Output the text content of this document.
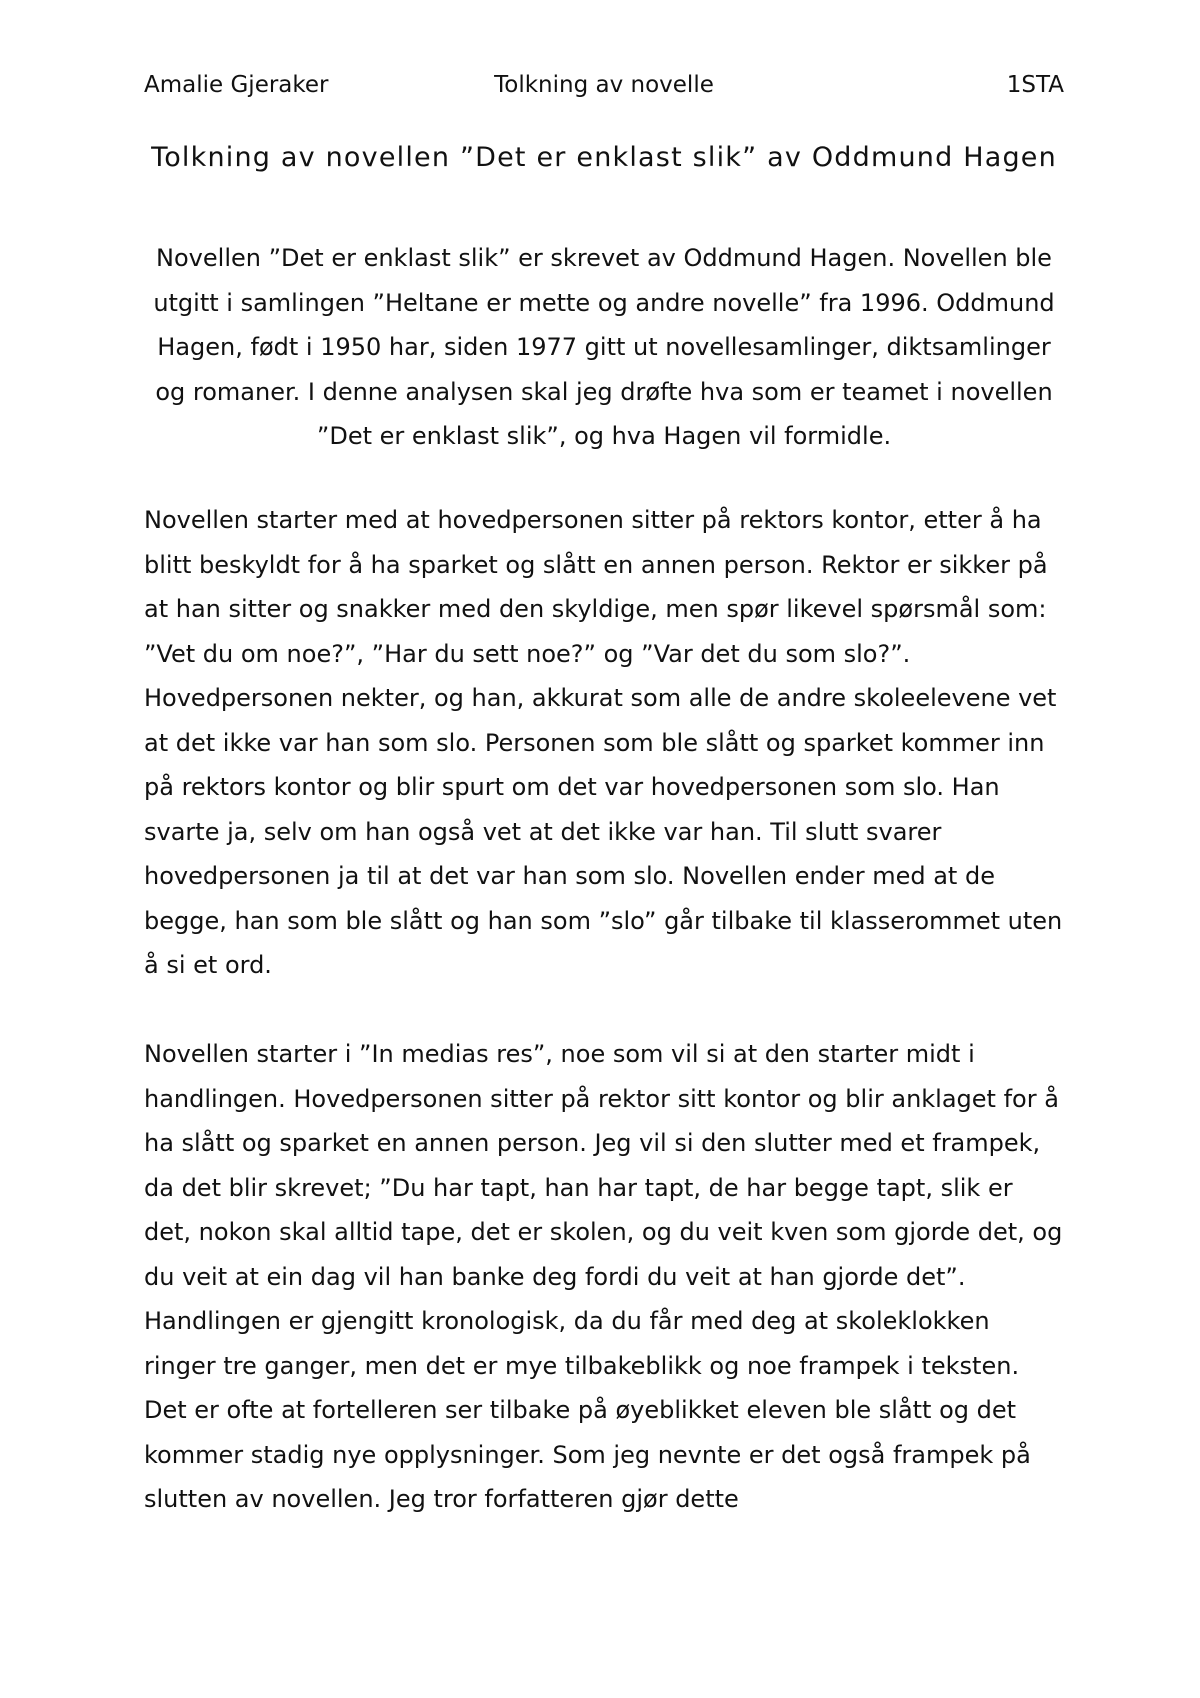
Amalie Gjeraker	Tolkning av novelle	1STA
Tolkning av novellen ”Det er enklast slik” av Oddmund Hagen

Novellen ”Det er enklast slik” er skrevet av Oddmund Hagen. Novellen ble utgitt i samlingen ”Heltane er mette og andre novelle” fra 1996. Oddmund Hagen, født i 1950 har, siden 1977 gitt ut novellesamlinger, diktsamlinger og romaner. I denne analysen skal jeg drøfte hva som er teamet i novellen ”Det er enklast slik”, og hva Hagen vil formidle.

Novellen starter med at hovedpersonen sitter på rektors kontor, etter å ha blitt beskyldt for å ha sparket og slått en annen person. Rektor er sikker på at han sitter og snakker med den skyldige, men spør likevel spørsmål som: ”Vet du om noe?”, ”Har du sett noe?” og ”Var det du som slo?”. Hovedpersonen nekter, og han, akkurat som alle de andre skoleelevene vet at det ikke var han som slo. Personen som ble slått og sparket kommer inn på rektors kontor og blir spurt om det var hovedpersonen som slo. Han svarte ja, selv om han også vet at det ikke var han. Til slutt svarer hovedpersonen ja til at det var han som slo. Novellen ender med at de begge, han som ble slått og han som ”slo” går tilbake til klasserommet uten å si et ord.

Novellen starter i ”In medias res”, noe som vil si at den starter midt i handlingen. Hovedpersonen sitter på rektor sitt kontor og blir anklaget for å ha slått og sparket en annen person. Jeg vil si den slutter med et frampek, da det blir skrevet; ”Du har tapt, han har tapt, de har begge tapt, slik er det, nokon skal alltid tape, det er skolen, og du veit kven som gjorde det, og du veit at ein dag vil han banke deg fordi du veit at han gjorde det”. Handlingen er gjengitt kronologisk, da du får med deg at skoleklokken ringer tre ganger, men det er mye tilbakeblikk og noe frampek i teksten. Det er ofte at fortelleren ser tilbake på øyeblikket eleven ble slått og det kommer stadig nye opplysninger. Som jeg nevnte er det også frampek på slutten av novellen. Jeg tror forfatteren gjør dette
